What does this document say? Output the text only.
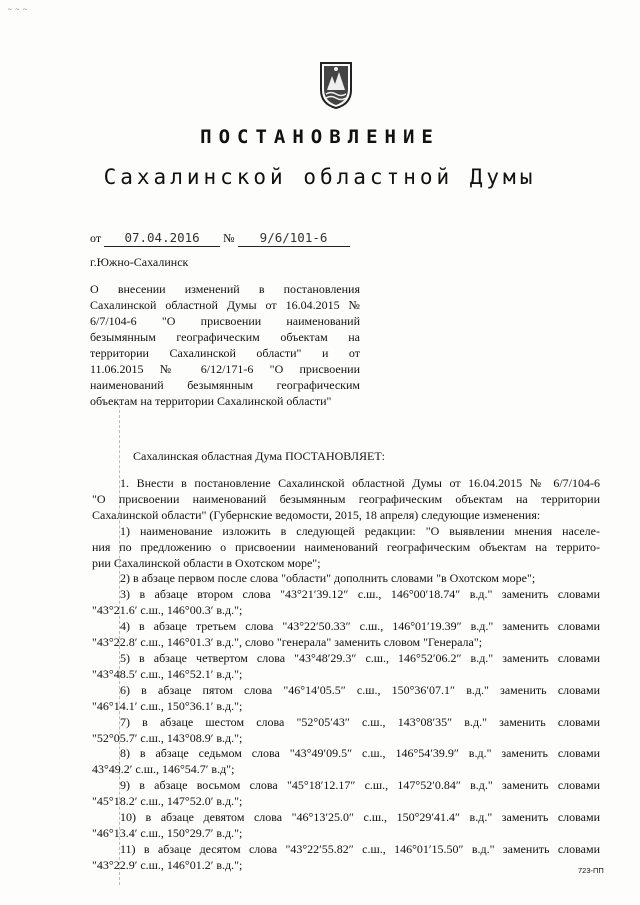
~ ~ ~
ПОСТАНОВЛЕНИЕ
Сахалинской областной Думы
от 07.04.2016 № 9/6/101-6
г.Южно-Сахалинск
О внесении изменений в постановления
Сахалинской областной Думы от 16.04.2015 №
6/7/104-6 "О присвоении наименований
безымянным географическим объектам на
территории Сахалинской области" и от
11.06.2015 № 6/12/171-6 "О присвоении
наименований безымянным географическим
объектам на территории Сахалинской области"
Сахалинская областная Дума ПОСТАНОВЛЯЕТ:
1. Внести в постановление Сахалинской областной Думы от 16.04.2015 № 6/7/104-6
"О присвоении наименований безымянным географическим объектам на территории
Сахалинской области" (Губернские ведомости, 2015, 18 апреля) следующие изменения:
1) наименование изложить в следующей редакции: "О выявлении мнения населе-
ния по предложению о присвоении наименований географическим объектам на террито-
рии Сахалинской области в Охотском море";
2) в абзаце первом после слова "области" дополнить словами "в Охотском море";
3) в абзаце втором слова "43°21′39.12″ с.ш., 146°00′18.74″ в.д." заменить словами
"43°21.6′ с.ш., 146°00.3′ в.д.";
4) в абзаце третьем слова "43°22′50.33″ с.ш., 146°01′19.39″ в.д." заменить словами
"43°22.8′ с.ш., 146°01.3′ в.д.", слово "генерала" заменить словом "Генерала";
5) в абзаце четвертом слова "43°48′29.3″ с.ш., 146°52′06.2″ в.д." заменить словами
"43°48.5′ с.ш., 146°52.1′ в.д.";
6) в абзаце пятом слова "46°14′05.5″ с.ш., 150°36′07.1″ в.д." заменить словами
"46°14.1′ с.ш., 150°36.1′ в.д.";
7) в абзаце шестом слова "52°05′43″ с.ш., 143°08′35″ в.д." заменить словами
"52°05.7′ с.ш., 143°08.9′ в.д.";
8) в абзаце седьмом слова "43°49′09.5″ с.ш., 146°54′39.9″ в.д." заменить словами
43°49.2′ с.ш., 146°54.7′ в.д";
9) в абзаце восьмом слова "45°18′12.17″ с.ш., 147°52′0.84″ в.д." заменить словами
"45°18.2′ с.ш., 147°52.0′ в.д.";
10) в абзаце девятом слова "46°13′25.0″ с.ш., 150°29′41.4″ в.д." заменить словами
"46°13.4′ с.ш., 150°29.7′ в.д.";
11) в абзаце десятом слова "43°22′55.82″ с.ш., 146°01′15.50″ в.д." заменить словами
"43°22.9′ с.ш., 146°01.2′ в.д.";	723-ПП
